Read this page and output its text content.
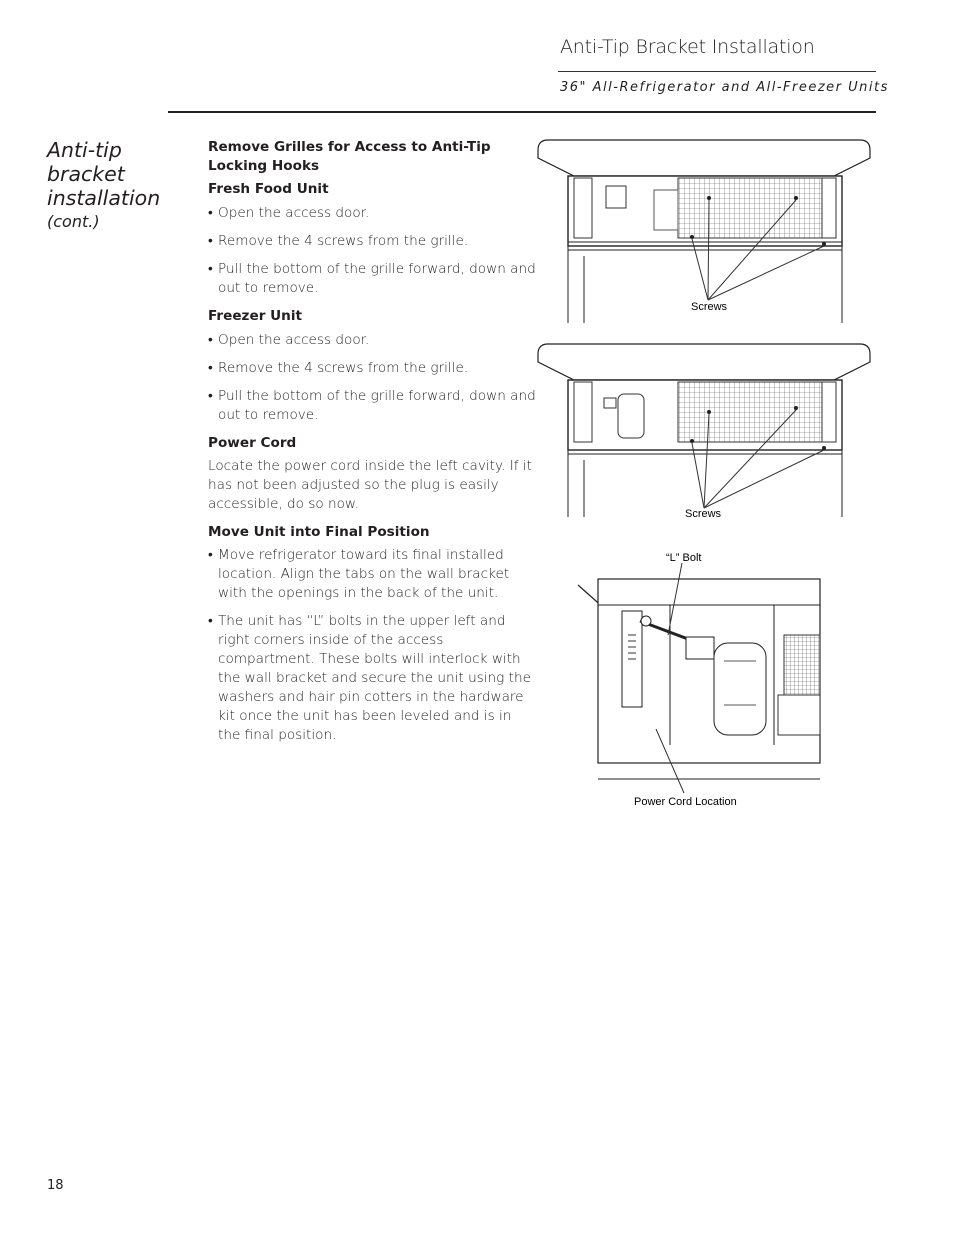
Anti-Tip Bracket Installation
36" All-Refrigerator and All-Freezer Units
Anti-tip bracket installation
(cont.)
Remove Grilles for Access to Anti-Tip Locking Hooks
Fresh Food Unit

• Open the access door.

• Remove the 4 screws from the grille.

• Pull the bottom of the grille forward, down and out to remove.

Freezer Unit

• Open the access door.

• Remove the 4 screws from the grille.

• Pull the bottom of the grille forward, down and out to remove.

Power Cord

Locate the power cord inside the left cavity. If it has not been adjusted so the plug is easily accessible, do so now.

Move Unit into Final Position

• Move refrigerator toward its final installed location. Align the tabs on the wall bracket with the openings in the back of the unit.

• The unit has “L” bolts in the upper left and right corners inside of the access compartment. These bolts will interlock with the wall bracket and secure the unit using the washers and hair pin cotters in the hardware kit once the unit has been leveled and is in the final position.

Screws
Screws
“L” Bolt
Power Cord Location
18
